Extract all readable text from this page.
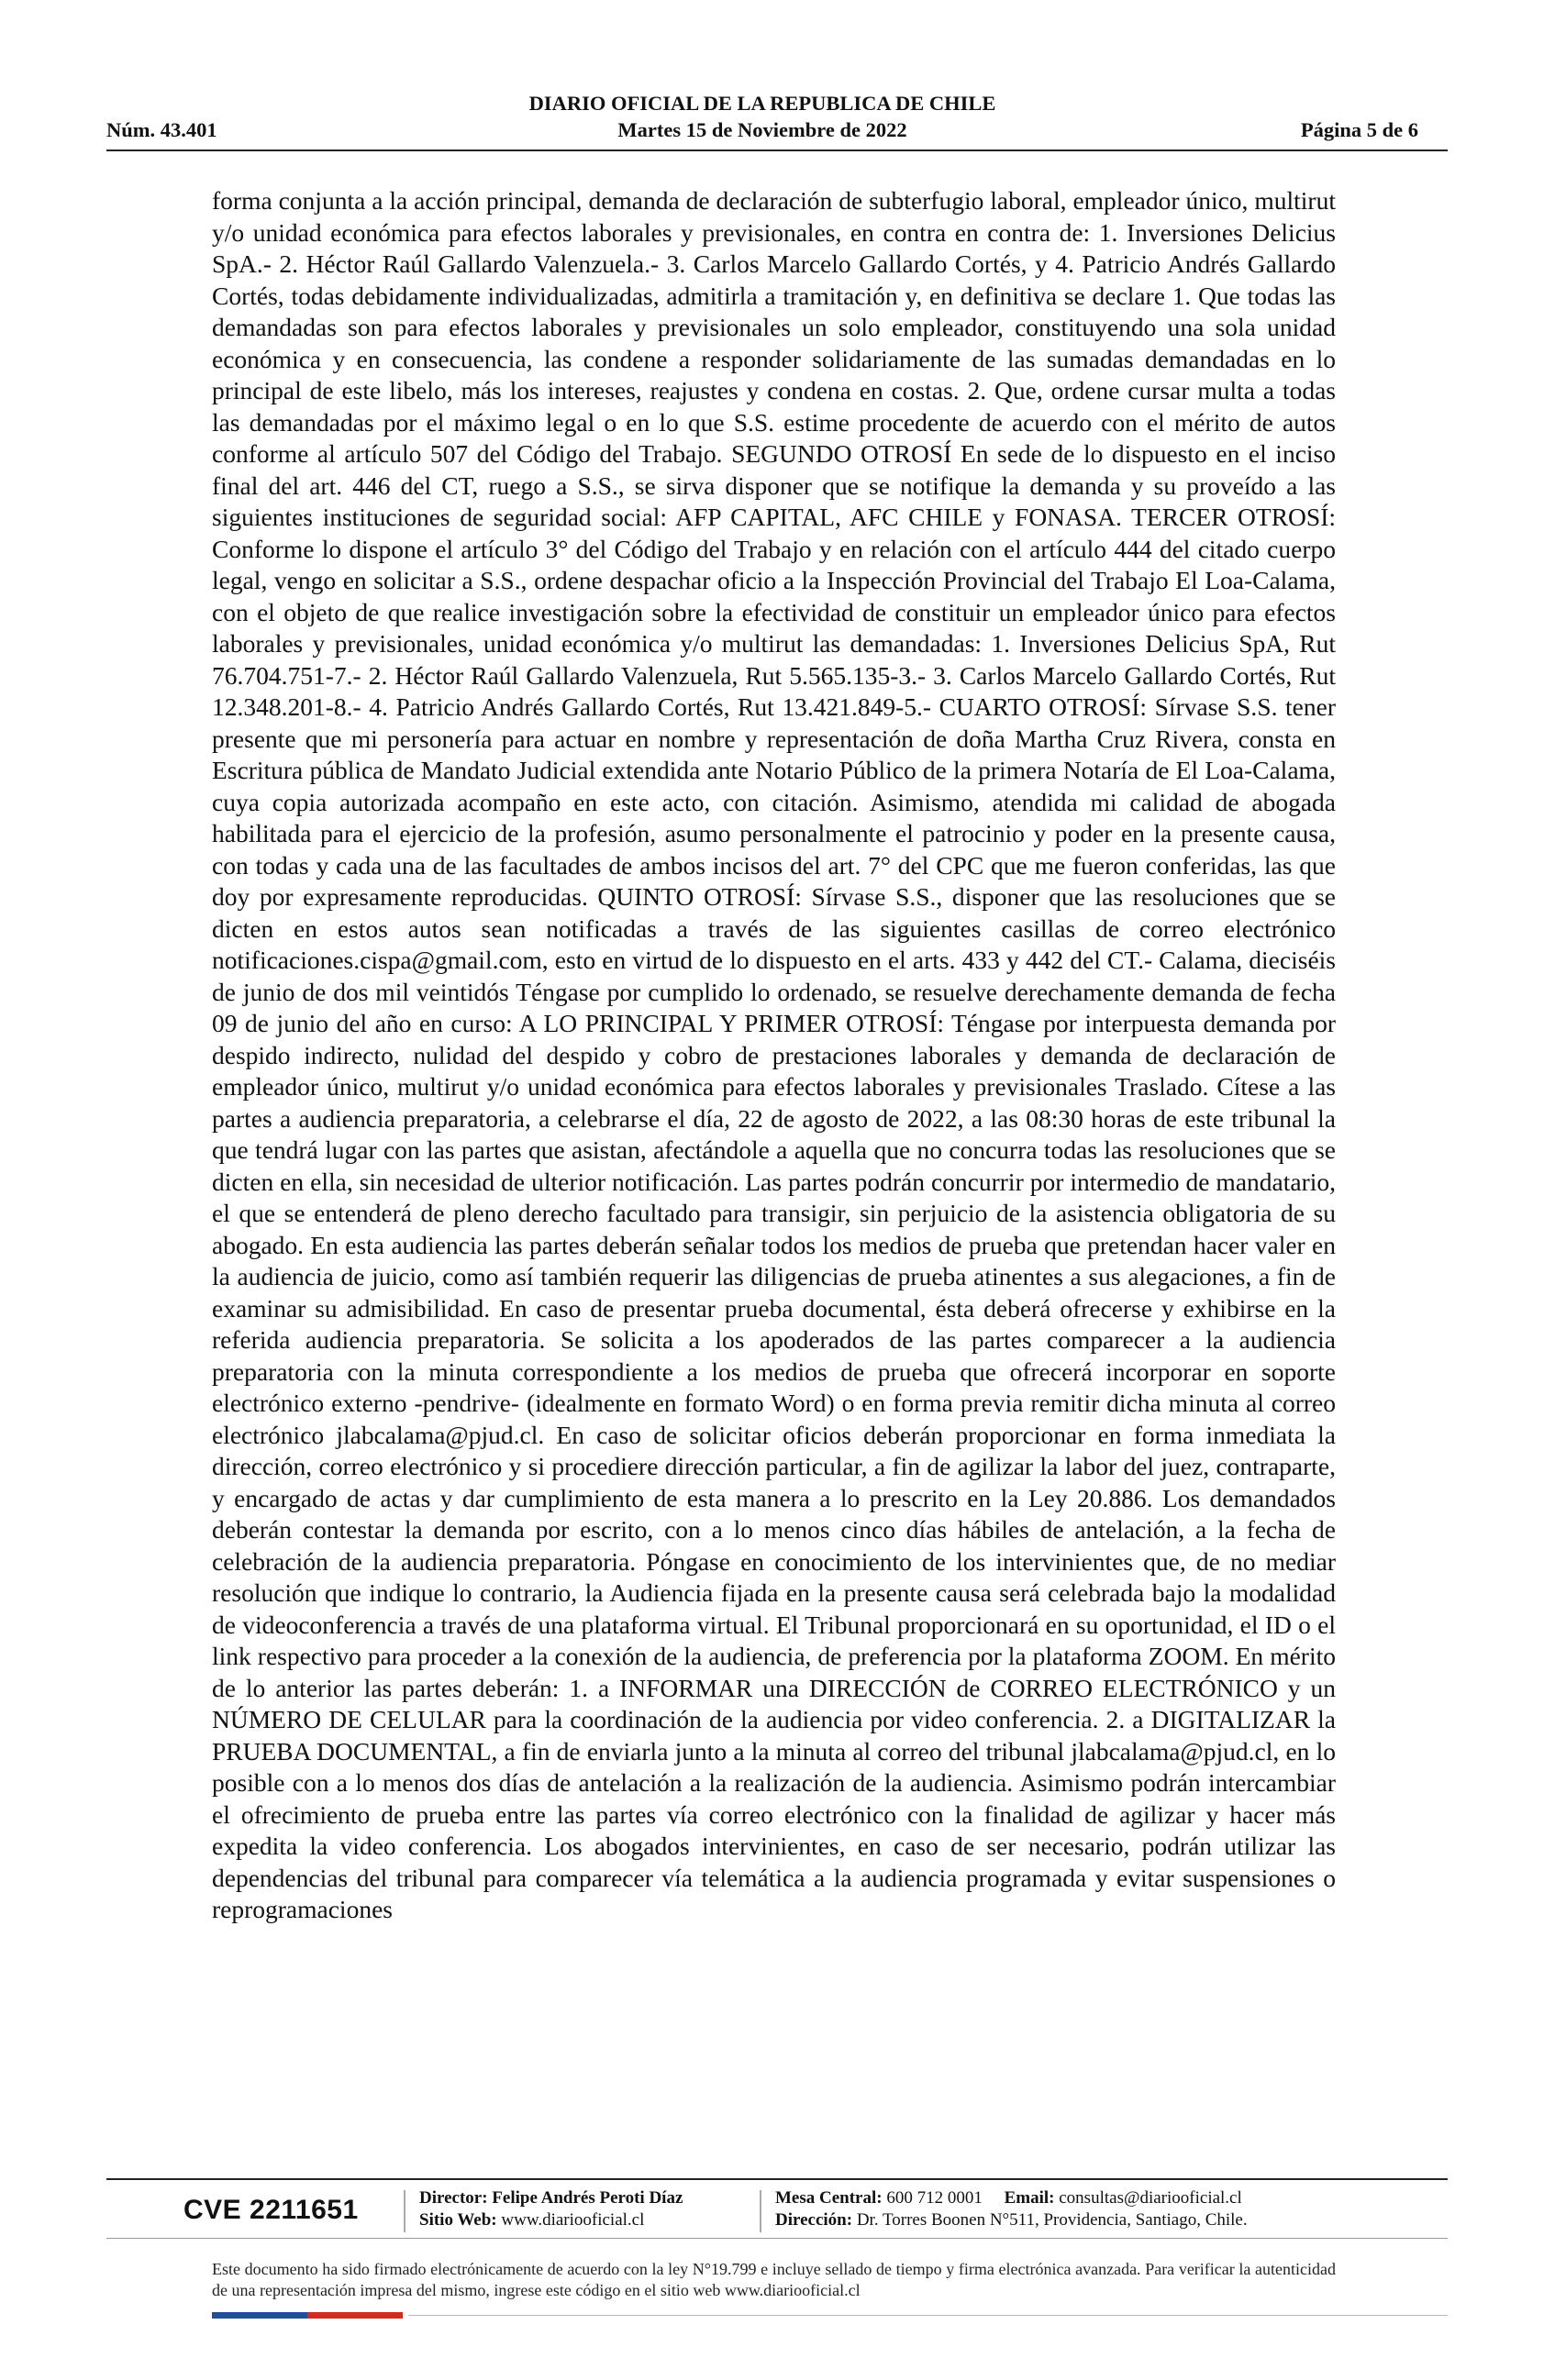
DIARIO OFICIAL DE LA REPUBLICA DE CHILE
Martes 15 de Noviembre de 2022
Núm. 43.401	Página 5 de 6

forma conjunta a la acción principal, demanda de declaración de subterfugio laboral, empleador único, multirut y/o unidad económica para efectos laborales y previsionales, en contra en contra de: 1. Inversiones Delicius SpA.- 2. Héctor Raúl Gallardo Valenzuela.- 3. Carlos Marcelo Gallardo Cortés, y 4. Patricio Andrés Gallardo Cortés, todas debidamente individualizadas, admitirla a tramitación y, en definitiva se declare 1. Que todas las demandadas son para efectos laborales y previsionales un solo empleador, constituyendo una sola unidad económica y en consecuencia, las condene a responder solidariamente de las sumadas demandadas en lo principal de este libelo, más los intereses, reajustes y condena en costas. 2. Que, ordene cursar multa a todas las demandadas por el máximo legal o en lo que S.S. estime procedente de acuerdo con el mérito de autos conforme al artículo 507 del Código del Trabajo. SEGUNDO OTROSÍ En sede de lo dispuesto en el inciso final del art. 446 del CT, ruego a S.S., se sirva disponer que se notifique la demanda y su proveído a las siguientes instituciones de seguridad social: AFP CAPITAL, AFC CHILE y FONASA. TERCER OTROSÍ: Conforme lo dispone el artículo 3° del Código del Trabajo y en relación con el artículo 444 del citado cuerpo legal, vengo en solicitar a S.S., ordene despachar oficio a la Inspección Provincial del Trabajo El Loa-Calama, con el objeto de que realice investigación sobre la efectividad de constituir un empleador único para efectos laborales y previsionales, unidad económica y/o multirut las demandadas: 1. Inversiones Delicius SpA, Rut 76.704.751-7.- 2. Héctor Raúl Gallardo Valenzuela, Rut 5.565.135-3.- 3. Carlos Marcelo Gallardo Cortés, Rut 12.348.201-8.- 4. Patricio Andrés Gallardo Cortés, Rut 13.421.849-5.- CUARTO OTROSÍ: Sírvase S.S. tener presente que mi personería para actuar en nombre y representación de doña Martha Cruz Rivera, consta en Escritura pública de Mandato Judicial extendida ante Notario Público de la primera Notaría de El Loa-Calama, cuya copia autorizada acompaño en este acto, con citación. Asimismo, atendida mi calidad de abogada habilitada para el ejercicio de la profesión, asumo personalmente el patrocinio y poder en la presente causa, con todas y cada una de las facultades de ambos incisos del art. 7° del CPC que me fueron conferidas, las que doy por expresamente reproducidas. QUINTO OTROSÍ: Sírvase S.S., disponer que las resoluciones que se dicten en estos autos sean notificadas a través de las siguientes casillas de correo electrónico notificaciones.cispa@gmail.com, esto en virtud de lo dispuesto en el arts. 433 y 442 del CT.- Calama, dieciséis de junio de dos mil veintidós Téngase por cumplido lo ordenado, se resuelve derechamente demanda de fecha 09 de junio del año en curso: A LO PRINCIPAL Y PRIMER OTROSÍ: Téngase por interpuesta demanda por despido indirecto, nulidad del despido y cobro de prestaciones laborales y demanda de declaración de empleador único, multirut y/o unidad económica para efectos laborales y previsionales Traslado. Cítese a las partes a audiencia preparatoria, a celebrarse el día, 22 de agosto de 2022, a las 08:30 horas de este tribunal la que tendrá lugar con las partes que asistan, afectándole a aquella que no concurra todas las resoluciones que se dicten en ella, sin necesidad de ulterior notificación. Las partes podrán concurrir por intermedio de mandatario, el que se entenderá de pleno derecho facultado para transigir, sin perjuicio de la asistencia obligatoria de su abogado. En esta audiencia las partes deberán señalar todos los medios de prueba que pretendan hacer valer en la audiencia de juicio, como así también requerir las diligencias de prueba atinentes a sus alegaciones, a fin de examinar su admisibilidad. En caso de presentar prueba documental, ésta deberá ofrecerse y exhibirse en la referida audiencia preparatoria. Se solicita a los apoderados de las partes comparecer a la audiencia preparatoria con la minuta correspondiente a los medios de prueba que ofrecerá incorporar en soporte electrónico externo -pendrive- (idealmente en formato Word) o en forma previa remitir dicha minuta al correo electrónico jlabcalama@pjud.cl. En caso de solicitar oficios deberán proporcionar en forma inmediata la dirección, correo electrónico y si procediere dirección particular, a fin de agilizar la labor del juez, contraparte, y encargado de actas y dar cumplimiento de esta manera a lo prescrito en la Ley 20.886. Los demandados deberán contestar la demanda por escrito, con a lo menos cinco días hábiles de antelación, a la fecha de celebración de la audiencia preparatoria. Póngase en conocimiento de los intervinientes que, de no mediar resolución que indique lo contrario, la Audiencia fijada en la presente causa será celebrada bajo la modalidad de videoconferencia a través de una plataforma virtual. El Tribunal proporcionará en su oportunidad, el ID o el link respectivo para proceder a la conexión de la audiencia, de preferencia por la plataforma ZOOM. En mérito de lo anterior las partes deberán: 1. a INFORMAR una DIRECCIÓN de CORREO ELECTRÓNICO y un NÚMERO DE CELULAR para la coordinación de la audiencia por video conferencia. 2. a DIGITALIZAR la PRUEBA DOCUMENTAL, a fin de enviarla junto a la minuta al correo del tribunal jlabcalama@pjud.cl, en lo posible con a lo menos dos días de antelación a la realización de la audiencia. Asimismo podrán intercambiar el ofrecimiento de prueba entre las partes vía correo electrónico con la finalidad de agilizar y hacer más expedita la video conferencia. Los abogados intervinientes, en caso de ser necesario, podrán utilizar las dependencias del tribunal para comparecer vía telemática a la audiencia programada y evitar suspensiones o reprogramaciones

CVE 2211651	Director: Felipe Andrés Peroti Díaz
Sitio Web: www.diariooficial.cl
Mesa Central: 600 712 0001 Email: consultas@diariooficial.cl
Dirección: Dr. Torres Boonen N°511, Providencia, Santiago, Chile.
Este documento ha sido firmado electrónicamente de acuerdo con la ley N°19.799 e incluye sellado de tiempo y firma electrónica avanzada. Para verificar la autenticidad de una representación impresa del mismo, ingrese este código en el sitio web www.diariooficial.cl
